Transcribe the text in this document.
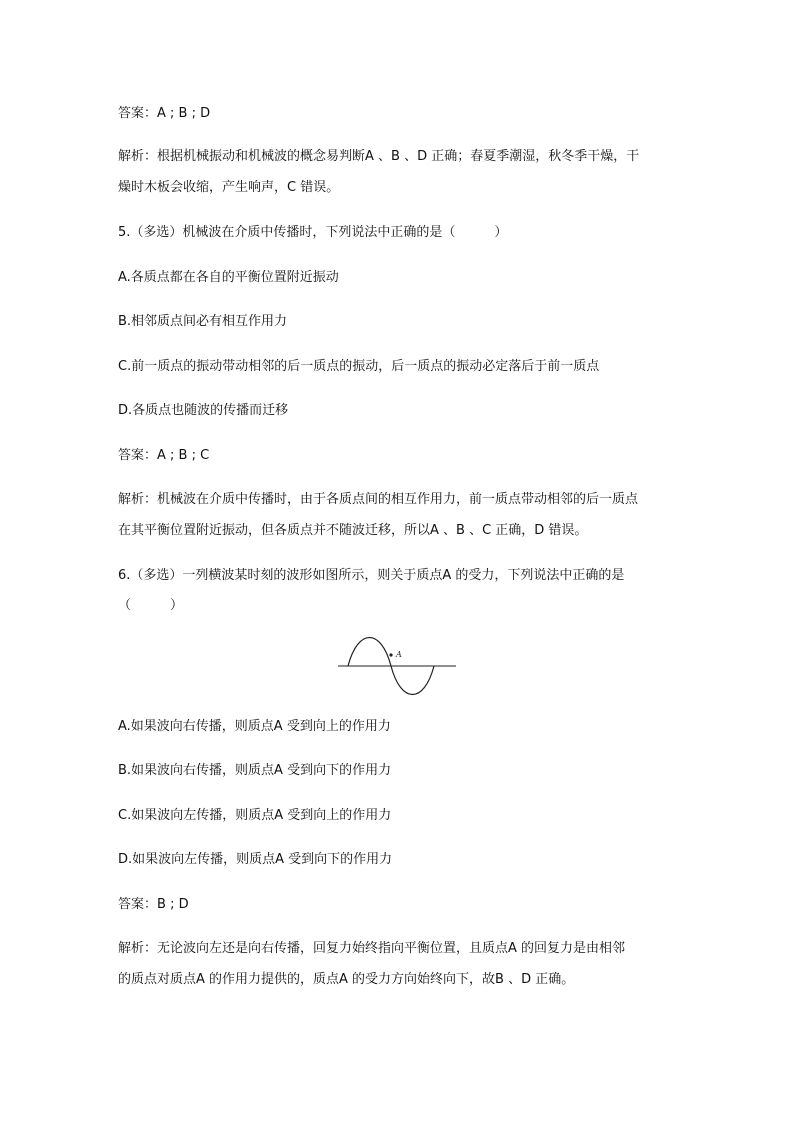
答案：A ; B ; D
解析：根据机械振动和机械波的概念易判断A 、B 、D 正确；春夏季潮湿，秋冬季干燥，干
燥时木板会收缩，产生响声，C 错误。
5.（多选）机械波在介质中传播时，下列说法中正确的是（　　　）
A.各质点都在各自的平衡位置附近振动
B.相邻质点间必有相互作用力
C.前一质点的振动带动相邻的后一质点的振动，后一质点的振动必定落后于前一质点
D.各质点也随波的传播而迁移
答案：A ; B ; C
解析：机械波在介质中传播时，由于各质点间的相互作用力，前一质点带动相邻的后一质点
在其平衡位置附近振动，但各质点并不随波迁移，所以A 、B 、C 正确，D 错误。
6.（多选）一列横波某时刻的波形如图所示，则关于质点A 的受力，下列说法中正确的是
（　　　）
A
A.如果波向右传播，则质点A 受到向上的作用力
B.如果波向右传播，则质点A 受到向下的作用力
C.如果波向左传播，则质点A 受到向上的作用力
D.如果波向左传播，则质点A 受到向下的作用力
答案：B ; D
解析：无论波向左还是向右传播，回复力始终指向平衡位置，且质点A 的回复力是由相邻
的质点对质点A 的作用力提供的，质点A 的受力方向始终向下，故B 、D 正确。
